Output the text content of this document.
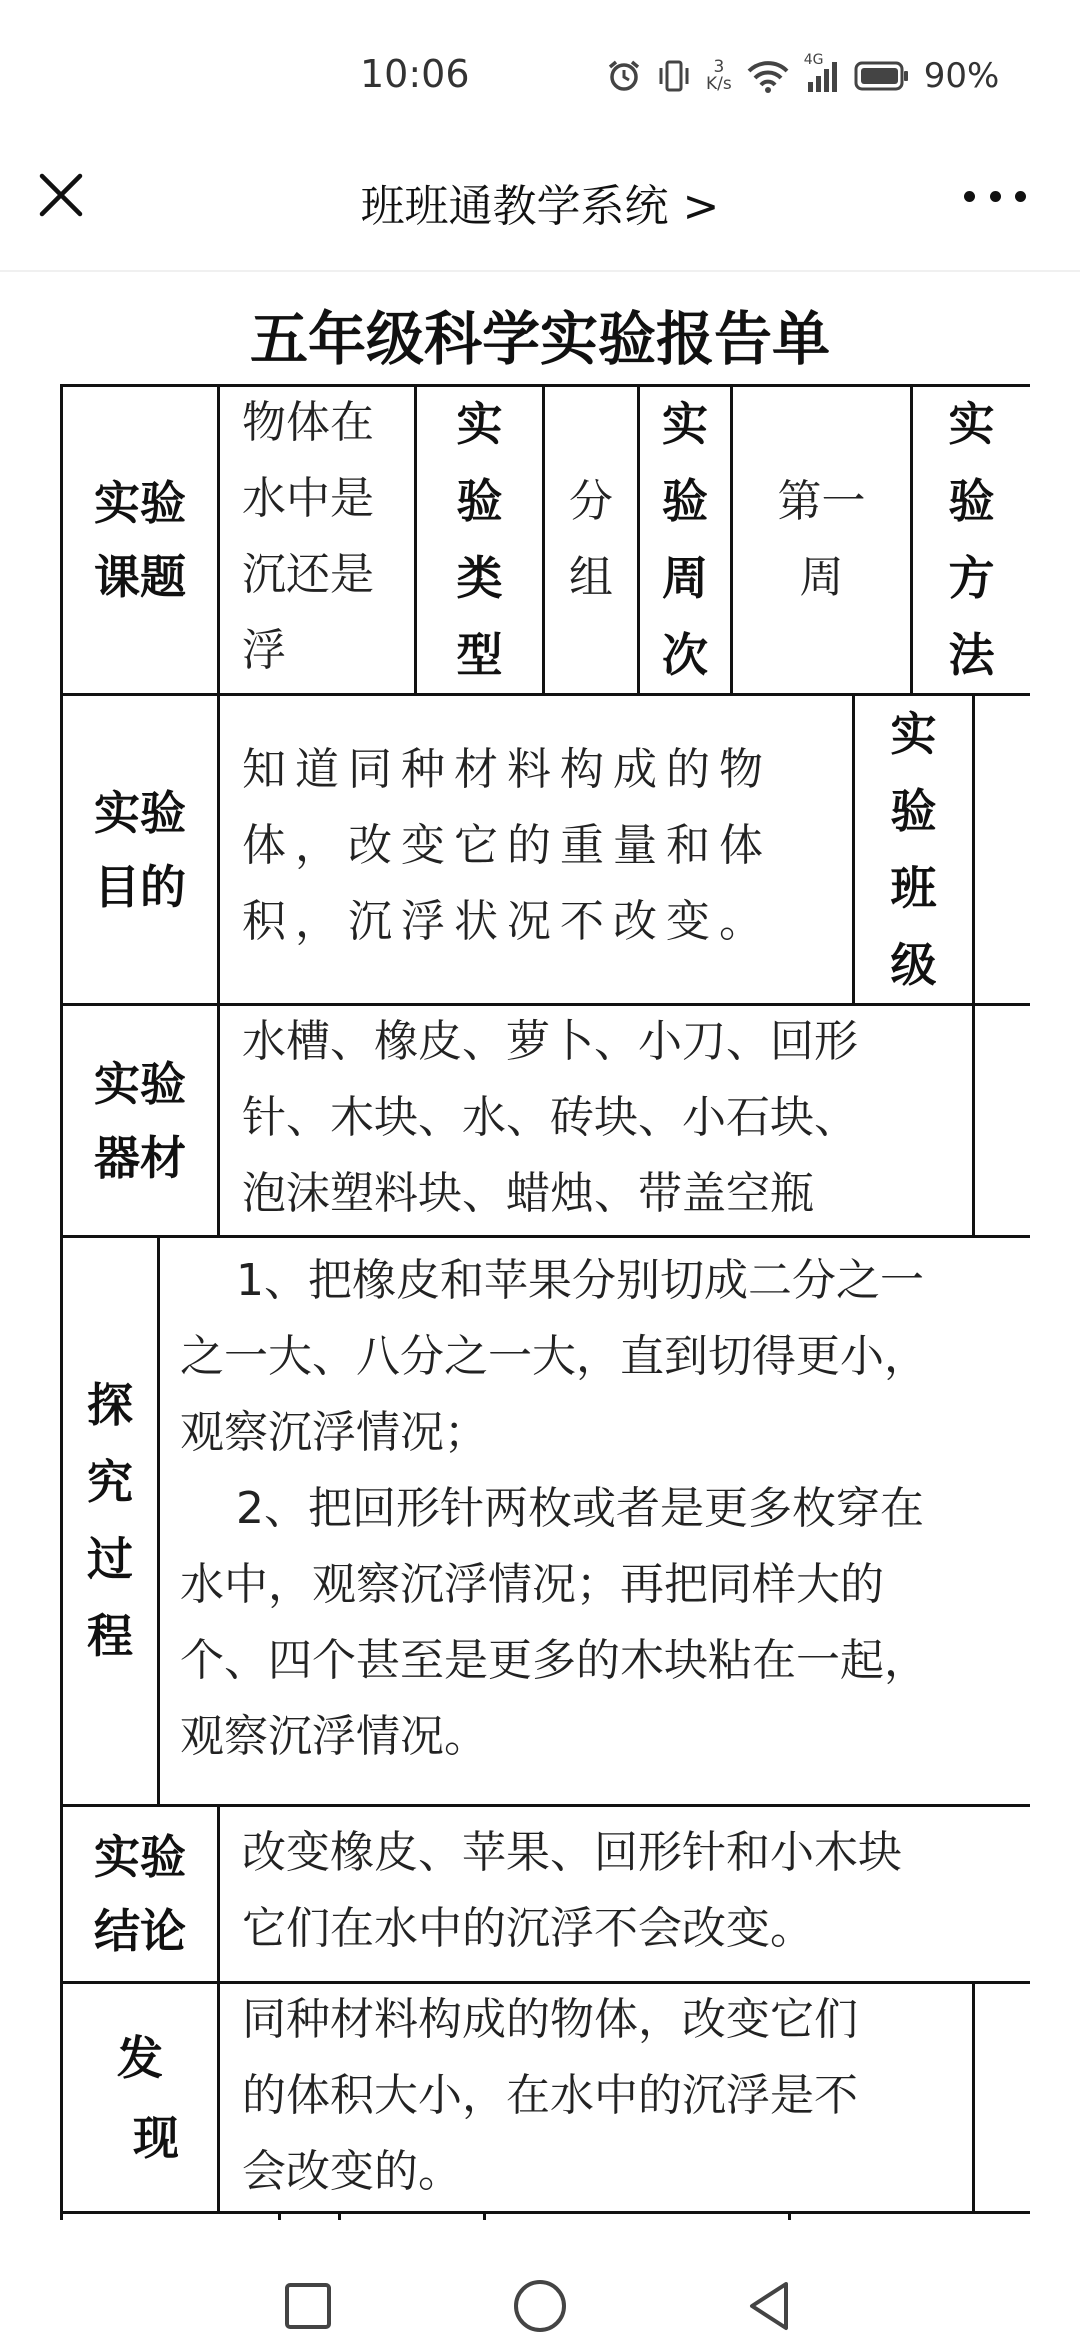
10:06	3
K/s
4G	90%
班班通教学系统 >
五年级科学实验报告单
实验
课题
物体在
水中是
沉还是
浮
实
验
类
型
分
组
实
验
周
次
第一
周
实
验
方
法
实验
目的
知道同种材料构成的物
体，改变它的重量和体
积，沉浮状况不改变。
实
验
班
级
实验
器材
水槽、橡皮、萝卜、小刀、回形
针、木块、水、砖块、小石块、
泡沫塑料块、蜡烛、带盖空瓶
探
究
过
程
1、把橡皮和苹果分别切成二分之一
之一大、八分之一大，直到切得更小，
观察沉浮情况；
2、把回形针两枚或者是更多枚穿在
水中，观察沉浮情况；再把同样大的
个、四个甚至是更多的木块粘在一起，
观察沉浮情况。
实验
结论
改变橡皮、苹果、回形针和小木块
它们在水中的沉浮不会改变。
发
现
同种材料构成的物体，改变它们
的体积大小，在水中的沉浮是不
会改变的。
